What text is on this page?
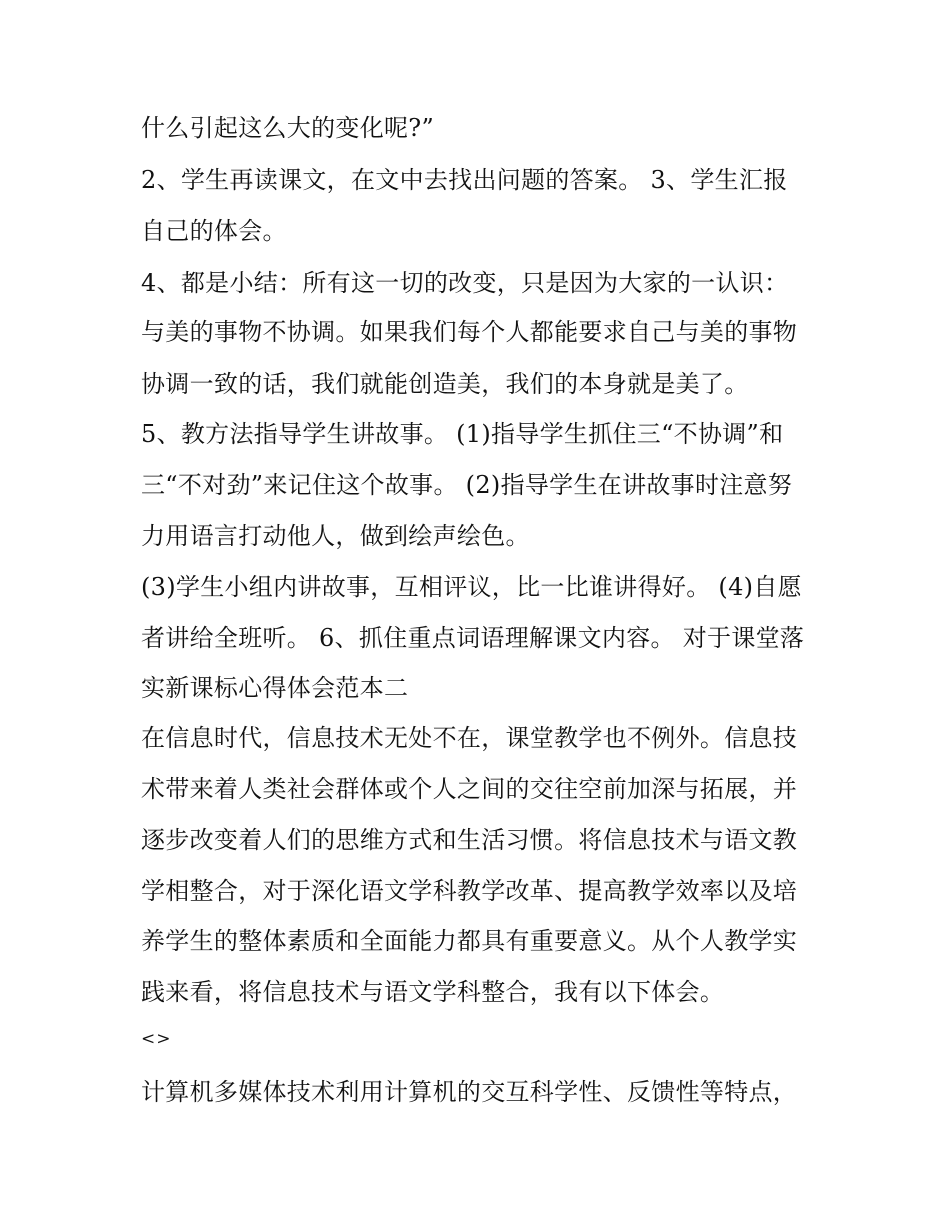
什么引起这么大的变化呢?”
2、学生再读课文，在文中去找出问题的答案。 3、学生汇报
自己的体会。
4、都是小结：所有这一切的改变，只是因为大家的一认识：
与美的事物不协调。如果我们每个人都能要求自己与美的事物
协调一致的话，我们就能创造美，我们的本身就是美了。
5、教方法指导学生讲故事。 (1)指导学生抓住三“不协调”和
三“不对劲”来记住这个故事。 (2)指导学生在讲故事时注意努
力用语言打动他人，做到绘声绘色。
(3)学生小组内讲故事，互相评议，比一比谁讲得好。 (4)自愿
者讲给全班听。 6、抓住重点词语理解课文内容。 对于课堂落
实新课标心得体会范本二
在信息时代，信息技术无处不在，课堂教学也不例外。信息技
术带来着人类社会群体或个人之间的交往空前加深与拓展，并
逐步改变着人们的思维方式和生活习惯。将信息技术与语文教
学相整合，对于深化语文学科教学改革、提高教学效率以及培
养学生的整体素质和全面能力都具有重要意义。从个人教学实
践来看，将信息技术与语文学科整合，我有以下体会。
<>
计算机多媒体技术利用计算机的交互科学性、反馈性等特点，
